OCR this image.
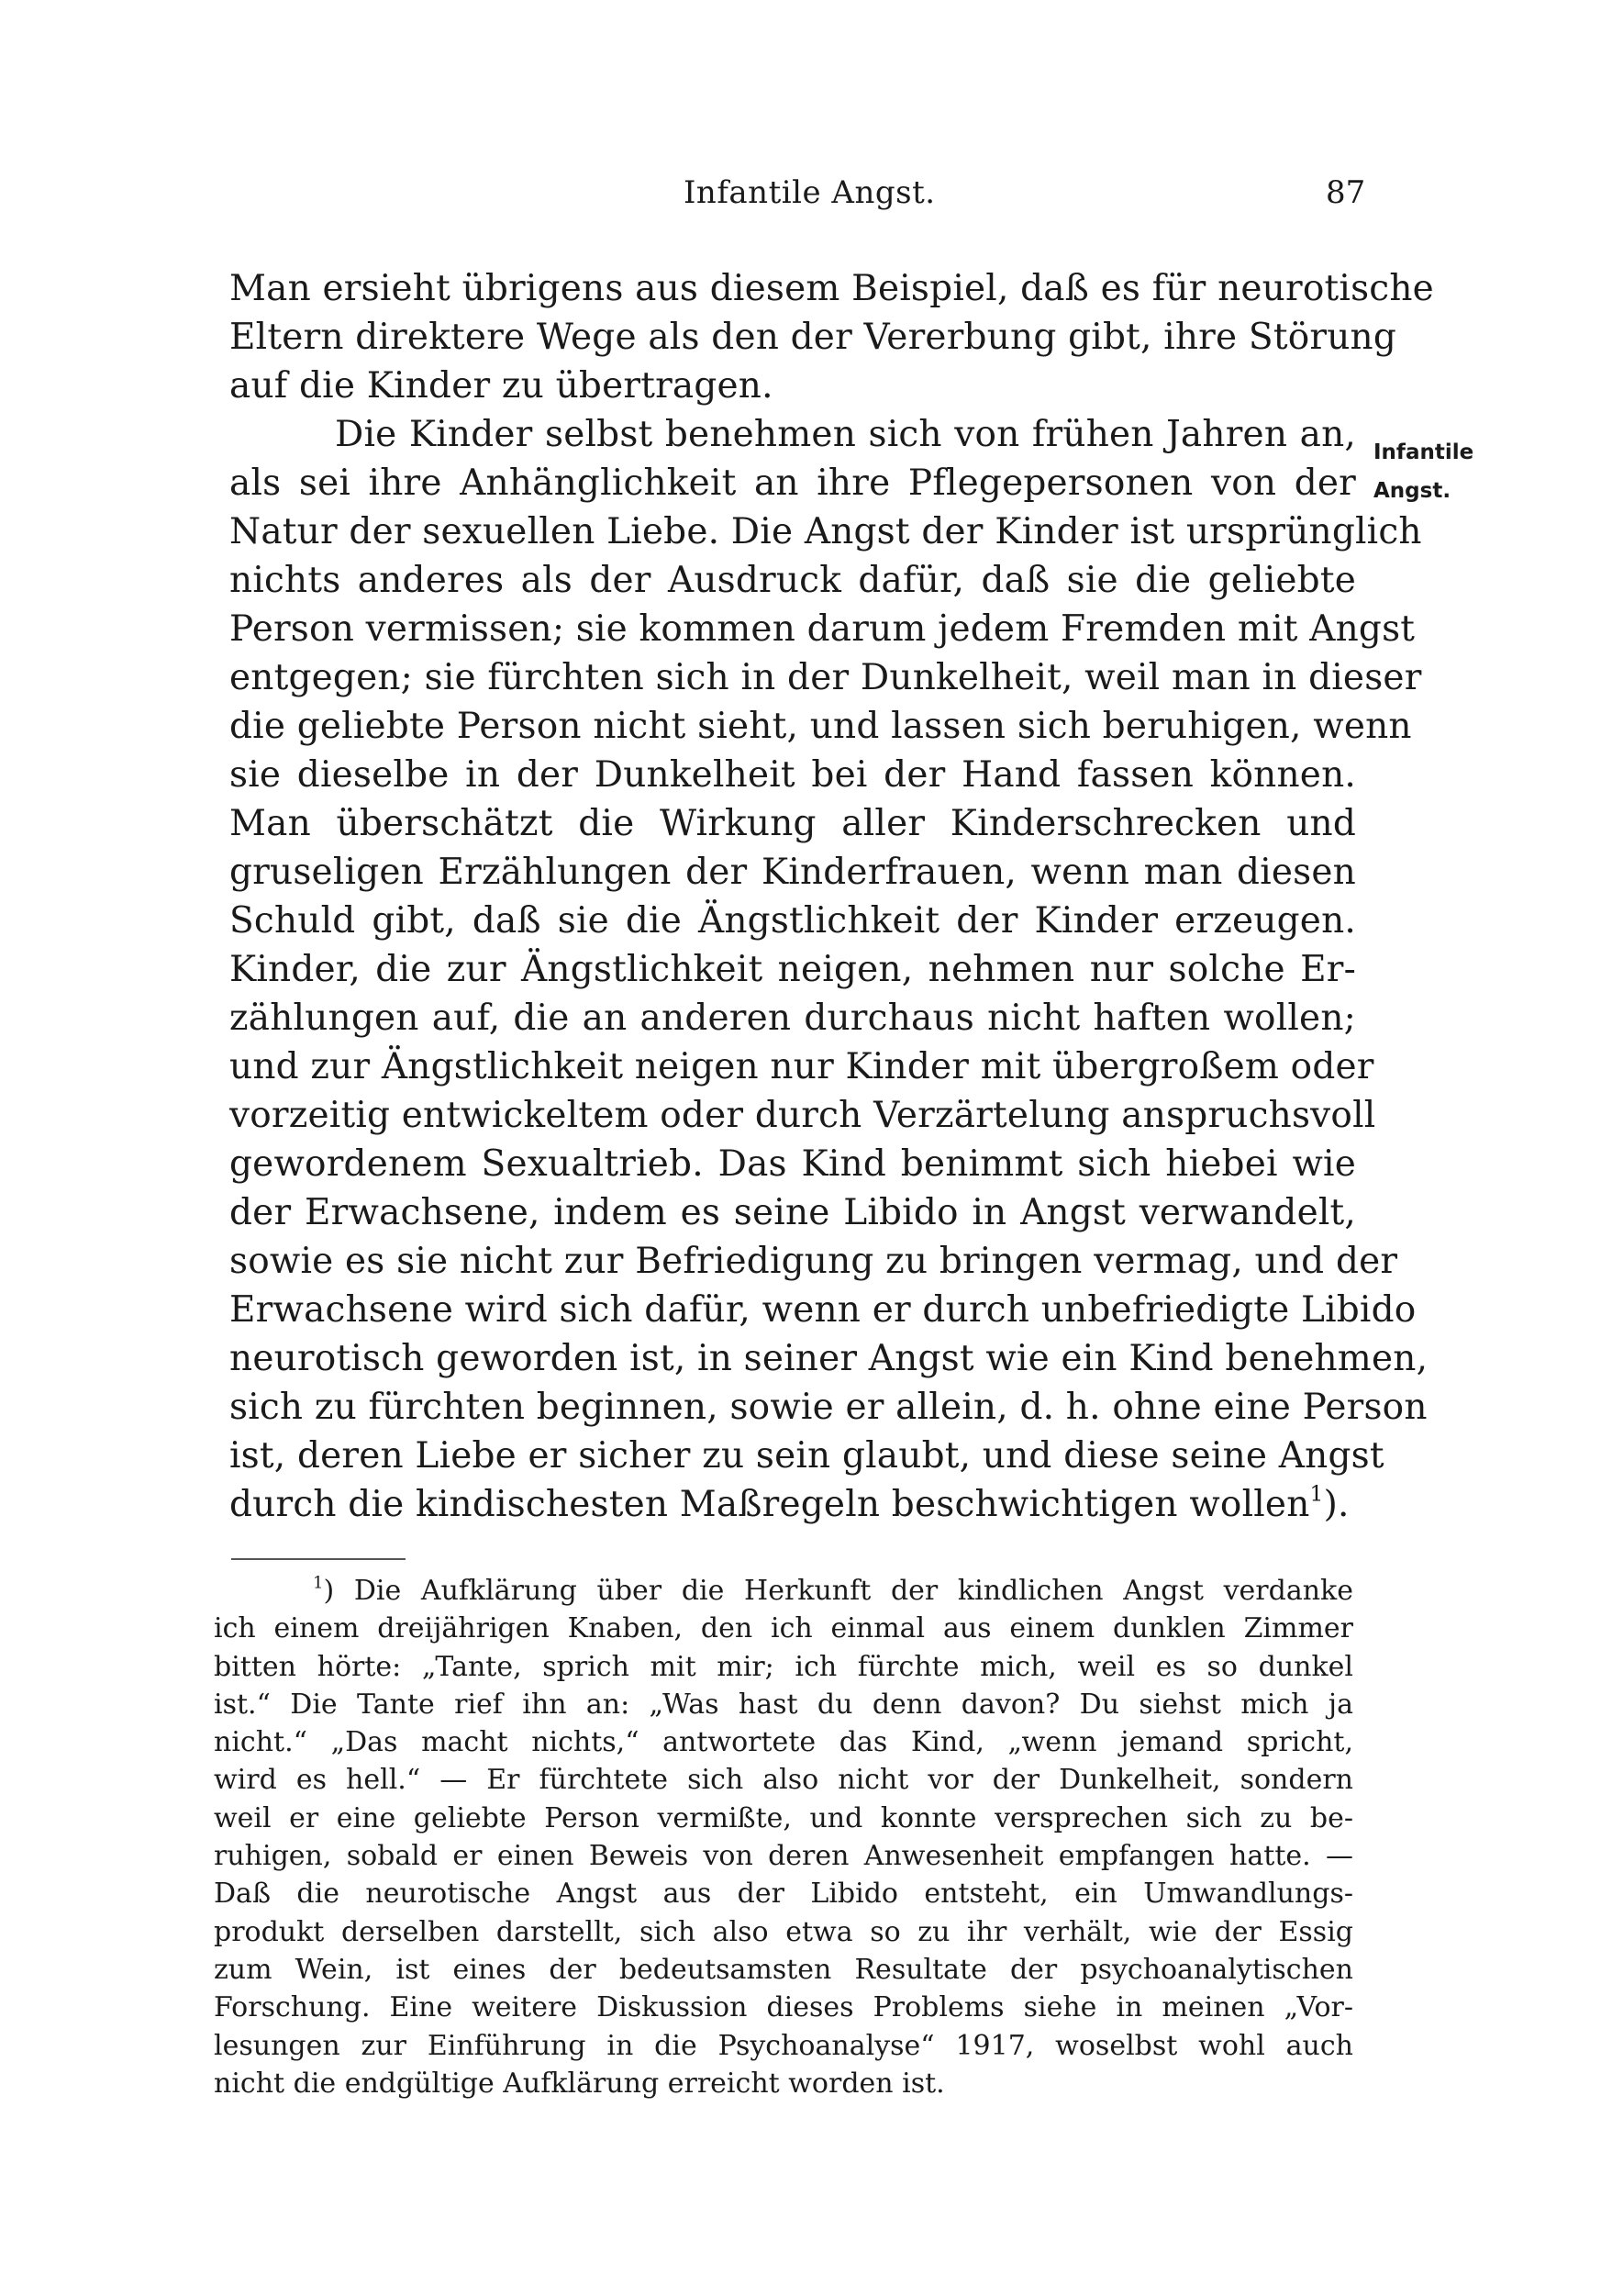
Infantile Angst.	87
Infantile
Angst.
Man ersieht übrigens aus diesem Beispiel, daß es für neurotische
Eltern direktere Wege als den der Vererbung gibt, ihre Störung
auf die Kinder zu übertragen.
Die Kinder selbst benehmen sich von frühen Jahren an,
als sei ihre Anhänglichkeit an ihre Pflegepersonen von der
Natur der sexuellen Liebe. Die Angst der Kinder ist ursprünglich
nichts anderes als der Ausdruck dafür, daß sie die geliebte
Person vermissen; sie kommen darum jedem Fremden mit Angst
entgegen; sie fürchten sich in der Dunkelheit, weil man in dieser
die geliebte Person nicht sieht, und lassen sich beruhigen, wenn
sie dieselbe in der Dunkelheit bei der Hand fassen können.
Man überschätzt die Wirkung aller Kinderschrecken und
gruseligen Erzählungen der Kinderfrauen, wenn man diesen
Schuld gibt, daß sie die Ängstlichkeit der Kinder erzeugen.
Kinder, die zur Ängstlichkeit neigen, nehmen nur solche Er-
zählungen auf, die an anderen durchaus nicht haften wollen;
und zur Ängstlichkeit neigen nur Kinder mit übergroßem oder
vorzeitig entwickeltem oder durch Verzärtelung anspruchsvoll
gewordenem Sexualtrieb. Das Kind benimmt sich hiebei wie
der Erwachsene, indem es seine Libido in Angst verwandelt,
sowie es sie nicht zur Befriedigung zu bringen vermag, und der
Erwachsene wird sich dafür, wenn er durch unbefriedigte Libido
neurotisch geworden ist, in seiner Angst wie ein Kind benehmen,
sich zu fürchten beginnen, sowie er allein, d. h. ohne eine Person
ist, deren Liebe er sicher zu sein glaubt, und diese seine Angst
durch die kindischesten Maßregeln beschwichtigen wollen$^1$).
$^1$) Die Aufklärung über die Herkunft der kindlichen Angst verdanke
ich einem dreijährigen Knaben, den ich einmal aus einem dunklen Zimmer
bitten hörte: „Tante, sprich mit mir; ich fürchte mich, weil es so dunkel
ist.“ Die Tante rief ihn an: „Was hast du denn davon? Du siehst mich ja
nicht.“ „Das macht nichts,“ antwortete das Kind, „wenn jemand spricht,
wird es hell.“ — Er fürchtete sich also nicht vor der Dunkelheit, sondern
weil er eine geliebte Person vermißte, und konnte versprechen sich zu be-
ruhigen, sobald er einen Beweis von deren Anwesenheit empfangen hatte. —
Daß die neurotische Angst aus der Libido entsteht, ein Umwandlungs-
produkt derselben darstellt, sich also etwa so zu ihr verhält, wie der Essig
zum Wein, ist eines der bedeutsamsten Resultate der psychoanalytischen
Forschung. Eine weitere Diskussion dieses Problems siehe in meinen „Vor-
lesungen zur Einführung in die Psychoanalyse“ 1917, woselbst wohl auch
nicht die endgültige Aufklärung erreicht worden ist.
